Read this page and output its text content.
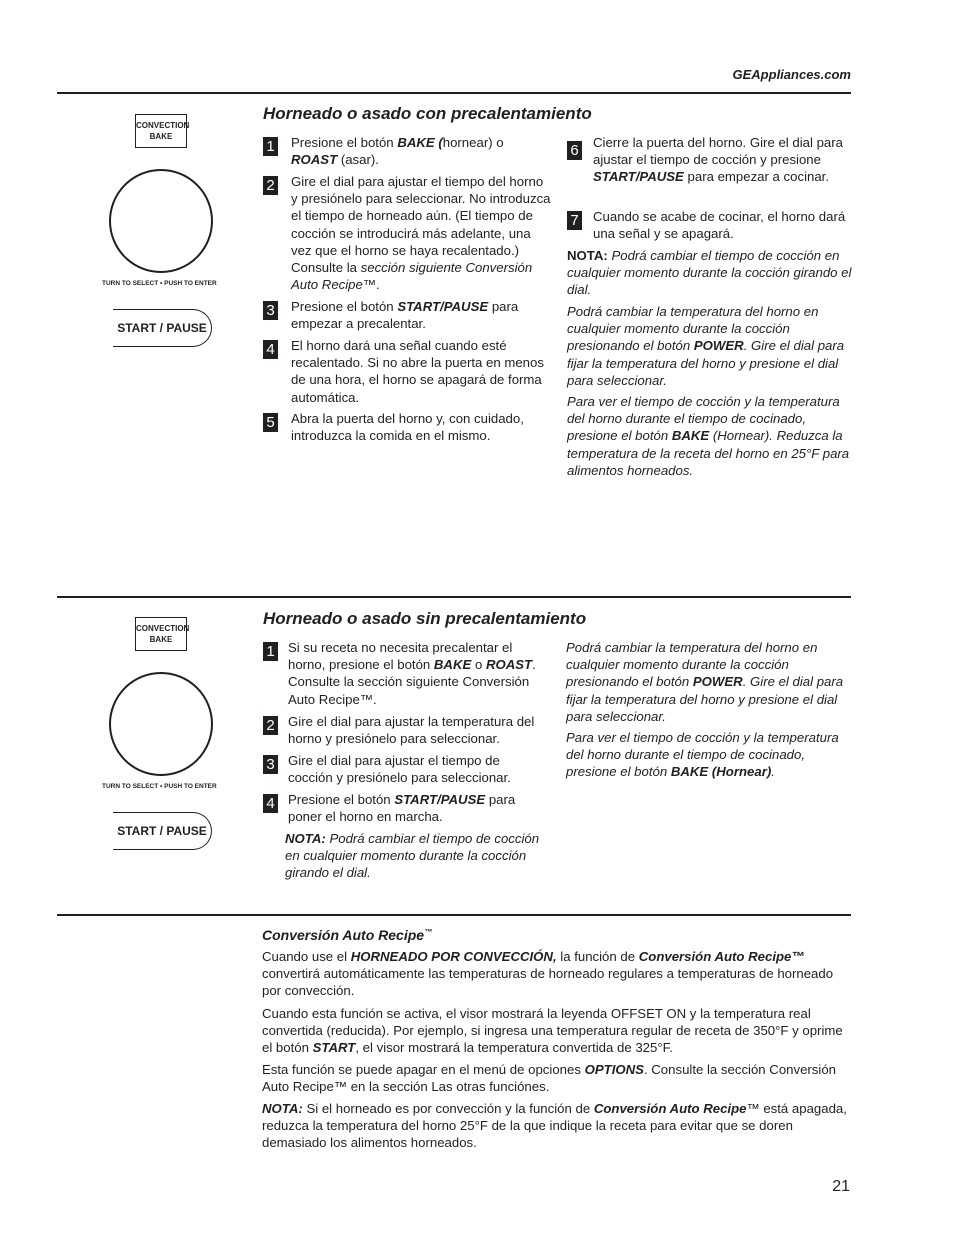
GEAppliances.com
CONVECTION
BAKE
TURN TO SELECT • PUSH TO ENTER
START / PAUSE
Horneado o asado con precalentamiento
1 Presione el botón BAKE (hornear) o ROAST (asar).
2 Gire el dial para ajustar el tiempo del horno y presiónelo para seleccionar. No introduzca el tiempo de horneado aún. (El tiempo de cocción se introducirá más adelante, una vez que el horno se haya recalentado.) Consulte la sección siguiente Conversión Auto Recipe™.
3 Presione el botón START/PAUSE para empezar a precalentar.
4 El horno dará una señal cuando esté recalentado. Si no abre la puerta en menos de una hora, el horno se apagará de forma automática.
5 Abra la puerta del horno y, con cuidado, introduzca la comida en el mismo.
6 Cierre la puerta del horno. Gire el dial para ajustar el tiempo de cocción y presione START/PAUSE para empezar a cocinar.
7 Cuando se acabe de cocinar, el horno dará una señal y se apagará.
NOTA: Podrá cambiar el tiempo de cocción en cualquier momento durante la cocción girando el dial.
Podrá cambiar la temperatura del horno en cualquier momento durante la cocción presionando el botón POWER. Gire el dial para fijar la temperatura del horno y presione el dial para seleccionar.
Para ver el tiempo de cocción y la temperatura del horno durante el tiempo de cocinado, presione el botón BAKE (Hornear). Reduzca la temperatura de la receta del horno en 25°F para alimentos horneados.
CONVECTION
BAKE
TURN TO SELECT • PUSH TO ENTER
START / PAUSE
Horneado o asado sin precalentamiento
1 Si su receta no necesita precalentar el horno, presione el botón BAKE o ROAST. Consulte la sección siguiente Conversión Auto Recipe™.
2 Gire el dial para ajustar la temperatura del horno y presiónelo para seleccionar.
3 Gire el dial para ajustar el tiempo de cocción y presiónelo para seleccionar.
4 Presione el botón START/PAUSE para poner el horno en marcha.
NOTA: Podrá cambiar el tiempo de cocción en cualquier momento durante la cocción girando el dial.
Podrá cambiar la temperatura del horno en cualquier momento durante la cocción presionando el botón POWER. Gire el dial para fijar la temperatura del horno y presione el dial para seleccionar.
Para ver el tiempo de cocción y la temperatura del horno durante el tiempo de cocinado, presione el botón BAKE (Hornear).
Conversión Auto Recipe™
Cuando use el HORNEADO POR CONVECCIÓN, la función de Conversión Auto Recipe™ convertirá automáticamente las temperaturas de horneado regulares a temperaturas de horneado por convección.
Cuando esta función se activa, el visor mostrará la leyenda OFFSET ON y la temperatura real convertida (reducida). Por ejemplo, si ingresa una temperatura regular de receta de 350°F y oprime el botón START, el visor mostrará la temperatura convertida de 325°F.
Esta función se puede apagar en el menú de opciones OPTIONS. Consulte la sección Conversión Auto Recipe™ en la sección Las otras funciónes.
NOTA: Si el horneado es por convección y la función de Conversión Auto Recipe™ está apagada, reduzca la temperatura del horno 25°F de la que indique la receta para evitar que se doren demasiado los alimentos horneados.
21
